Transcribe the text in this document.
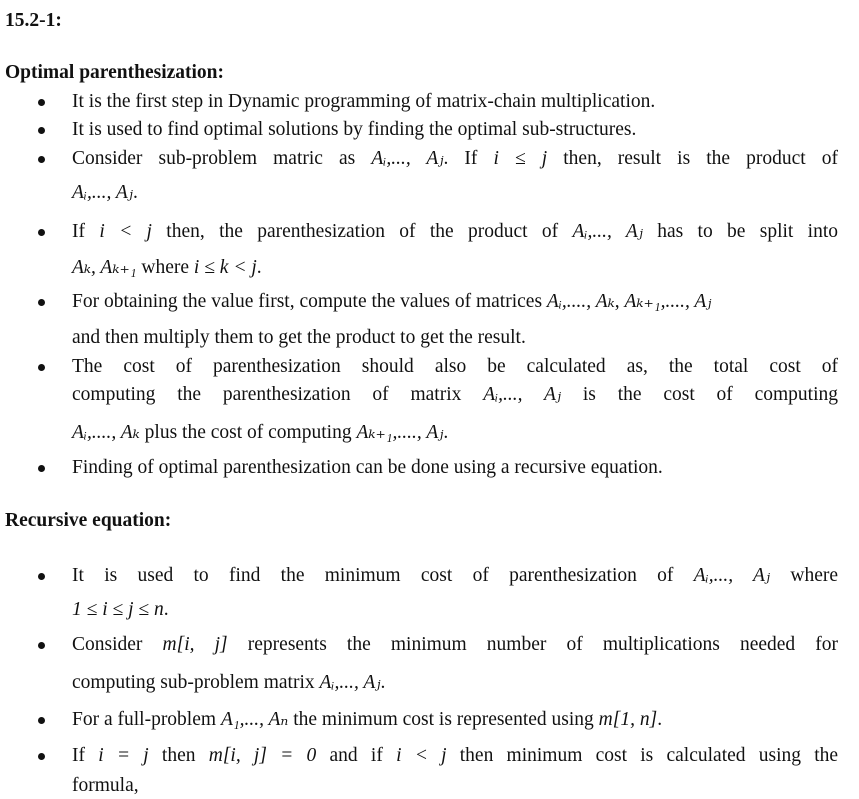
15.2-1:
Optimal parenthesization:
It is the first step in Dynamic programming of matrix-chain multiplication.
It is used to find optimal solutions by finding the optimal sub-structures.
Consider sub-problem matric as Aᵢ,..., Aⱼ. If i ≤ j then, result is the product of
Aᵢ,..., Aⱼ.
If i < j then, the parenthesization of the product of Aᵢ,..., Aⱼ has to be split into
Aₖ, Aₖ₊₁ where i ≤ k < j.
For obtaining the value first, compute the values of matrices Aᵢ,...., Aₖ, Aₖ₊₁,...., Aⱼ
and then multiply them to get the product to get the result.
The cost of parenthesization should also be calculated as, the total cost of
computing the parenthesization of matrix Aᵢ,..., Aⱼ is the cost of computing
Aᵢ,...., Aₖ plus the cost of computing Aₖ₊₁,...., Aⱼ.
Finding of optimal parenthesization can be done using a recursive equation.
Recursive equation:
It is used to find the minimum cost of parenthesization of Aᵢ,..., Aⱼ where
1 ≤ i ≤ j ≤ n.
Consider m[i, j] represents the minimum number of multiplications needed for
computing sub-problem matrix Aᵢ,..., Aⱼ.
For a full-problem A₁,..., Aₙ the minimum cost is represented using m[1, n].
If i = j then m[i, j] = 0 and if i < j then minimum cost is calculated using the
formula,
